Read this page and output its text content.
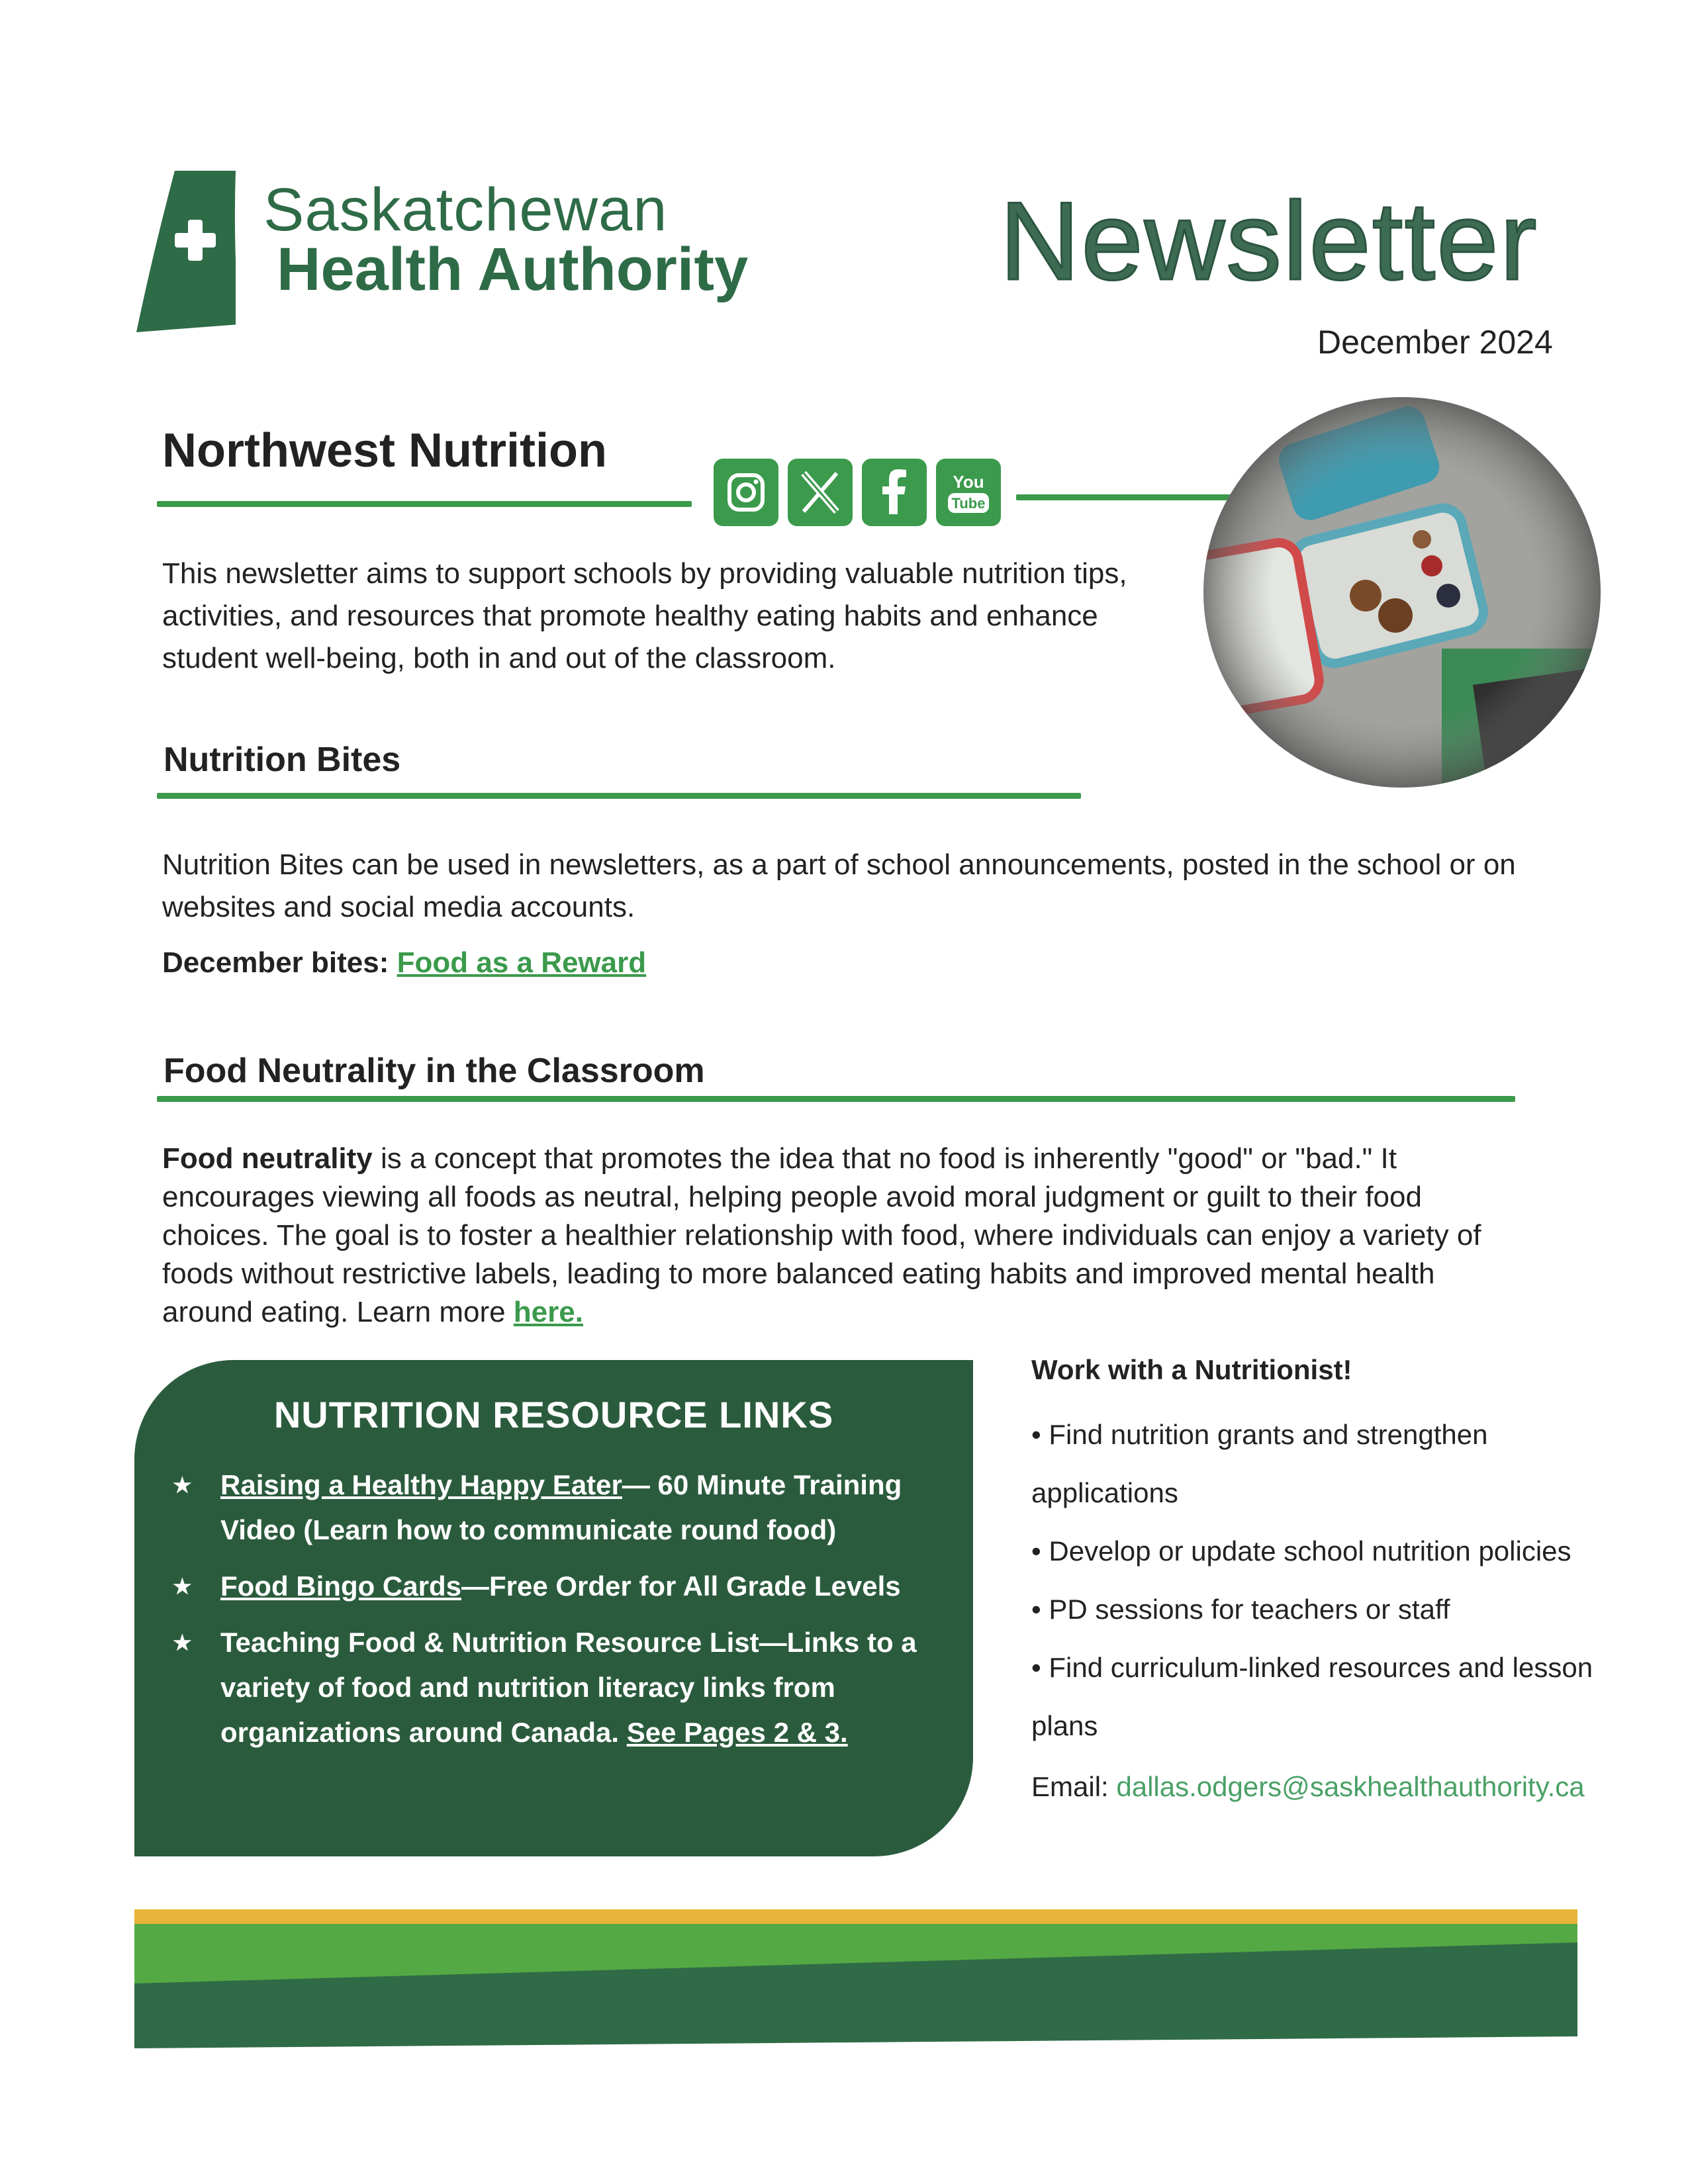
Saskatchewan
Health Authority Newsletter
December 2024
Northwest Nutrition
You
Tube
This newsletter aims to support schools by providing valuable nutrition tips, activities, and resources that promote healthy eating habits and enhance student well-being, both in and out of the classroom.
Nutrition Bites
Nutrition Bites can be used in newsletters, as a part of school announcements, posted in the school or on websites and social media accounts.
December bites: Food as a Reward
Food Neutrality in the Classroom
Food neutrality is a concept that promotes the idea that no food is inherently "good" or "bad." It encourages viewing all foods as neutral, helping people avoid moral judgment or guilt to their food choices. The goal is to foster a healthier relationship with food, where individuals can enjoy a variety of foods without restrictive labels, leading to more balanced eating habits and improved mental health around eating. Learn more here.
NUTRITION RESOURCE LINKS
★ Raising a Healthy Happy Eater— 60 Minute Training Video (Learn how to communicate round food)
★ Food Bingo Cards—Free Order for All Grade Levels
★ Teaching Food & Nutrition Resource List—Links to a variety of food and nutrition literacy links from organizations around Canada. See Pages 2 & 3.
Work with a Nutritionist!
• Find nutrition grants and strengthen applications
• Develop or update school nutrition policies
• PD sessions for teachers or staff
• Find curriculum-linked resources and lesson plans
Email: dallas.odgers@saskhealthauthority.ca
